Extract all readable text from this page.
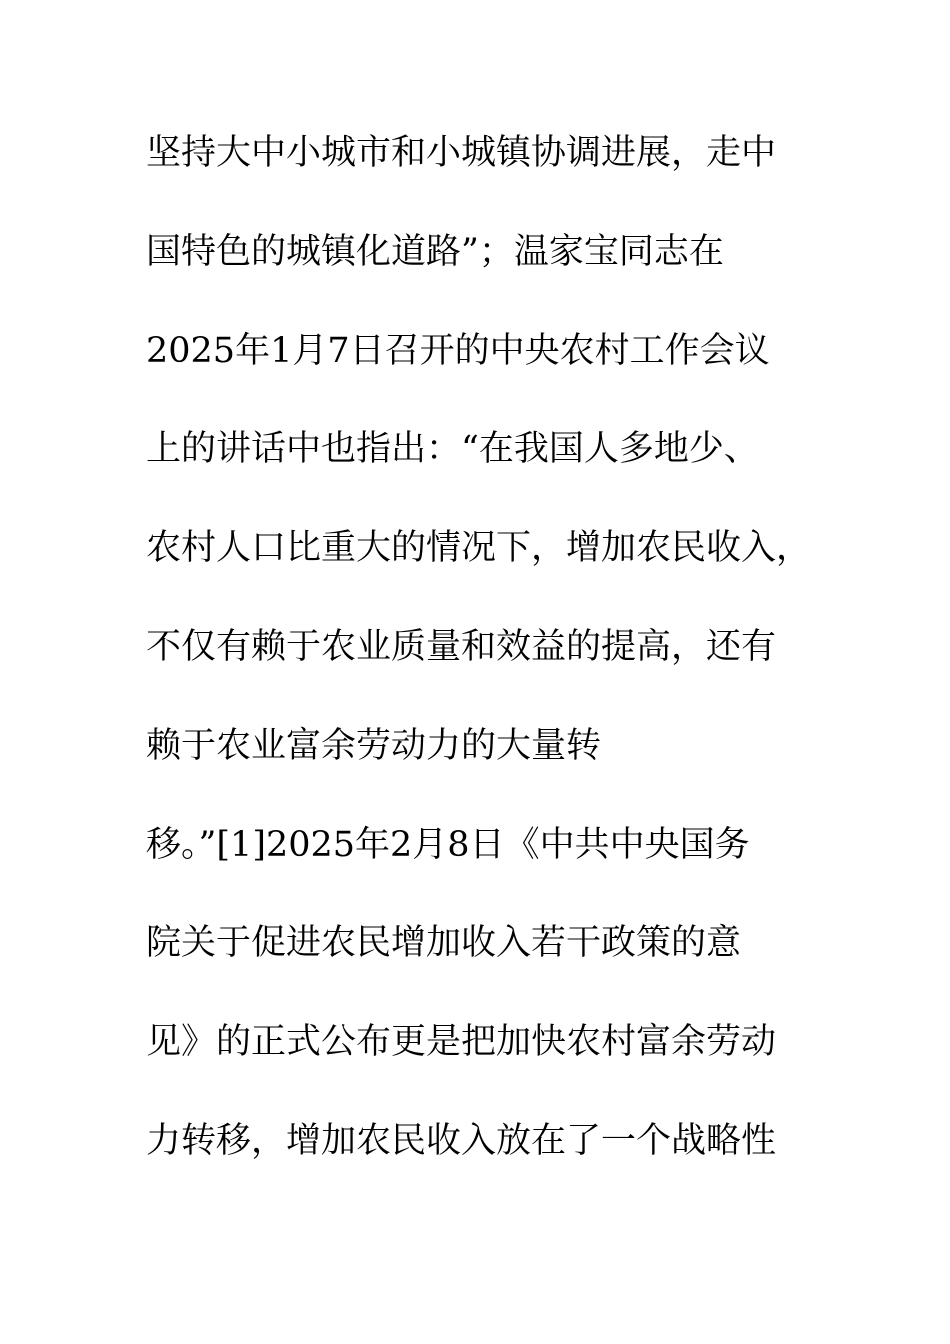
坚持大中小城市和小城镇协调进展，走中
国特色的城镇化道路”；温家宝同志在
2025年1月7日召开的中央农村工作会议
上的讲话中也指出：“在我国人多地少、
农村人口比重大的情况下，增加农民收入，
不仅有赖于农业质量和效益的提高，还有
赖于农业富余劳动力的大量转
移。”[1]2025年2月8日《中共中央国务
院关于促进农民增加收入若干政策的意
见》的正式公布更是把加快农村富余劳动
力转移，增加农民收入放在了一个战略性
